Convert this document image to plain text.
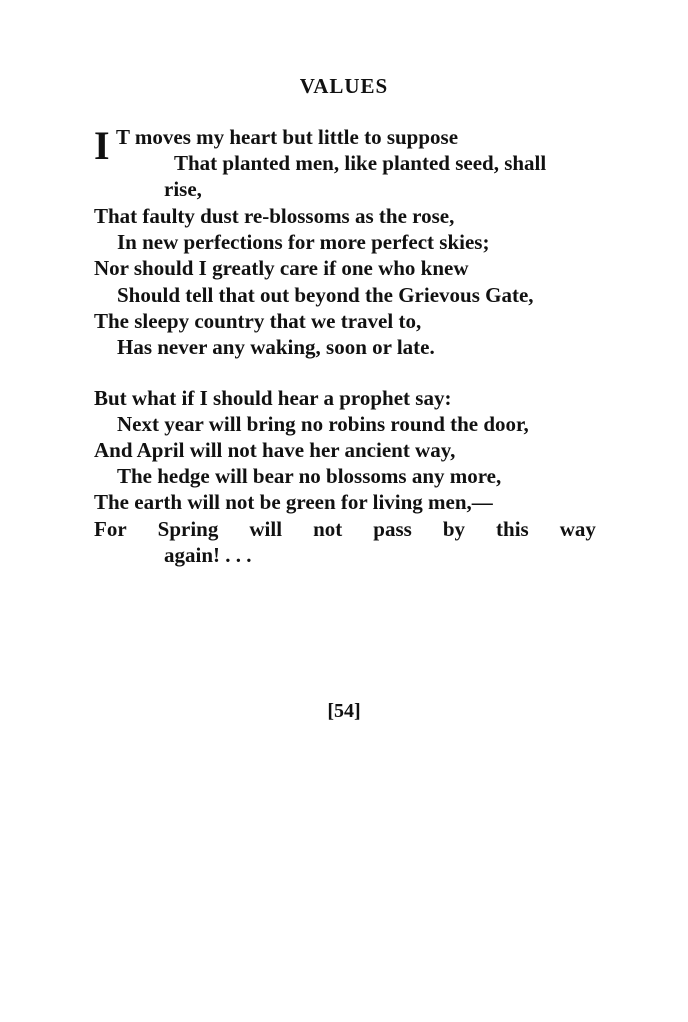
VALUES
I T moves my heart but little to suppose
That planted men, like planted seed, shall
rise,
That faulty dust re-blossoms as the rose,
In new perfections for more perfect skies;
Nor should I greatly care if one who knew
Should tell that out beyond the Grievous Gate,
The sleepy country that we travel to,
Has never any waking, soon or late.
But what if I should hear a prophet say:
Next year will bring no robins round the door,
And April will not have her ancient way,
The hedge will bear no blossoms any more,
The earth will not be green for living men,—
For Spring will not pass by this way
again! . . .
[54]
